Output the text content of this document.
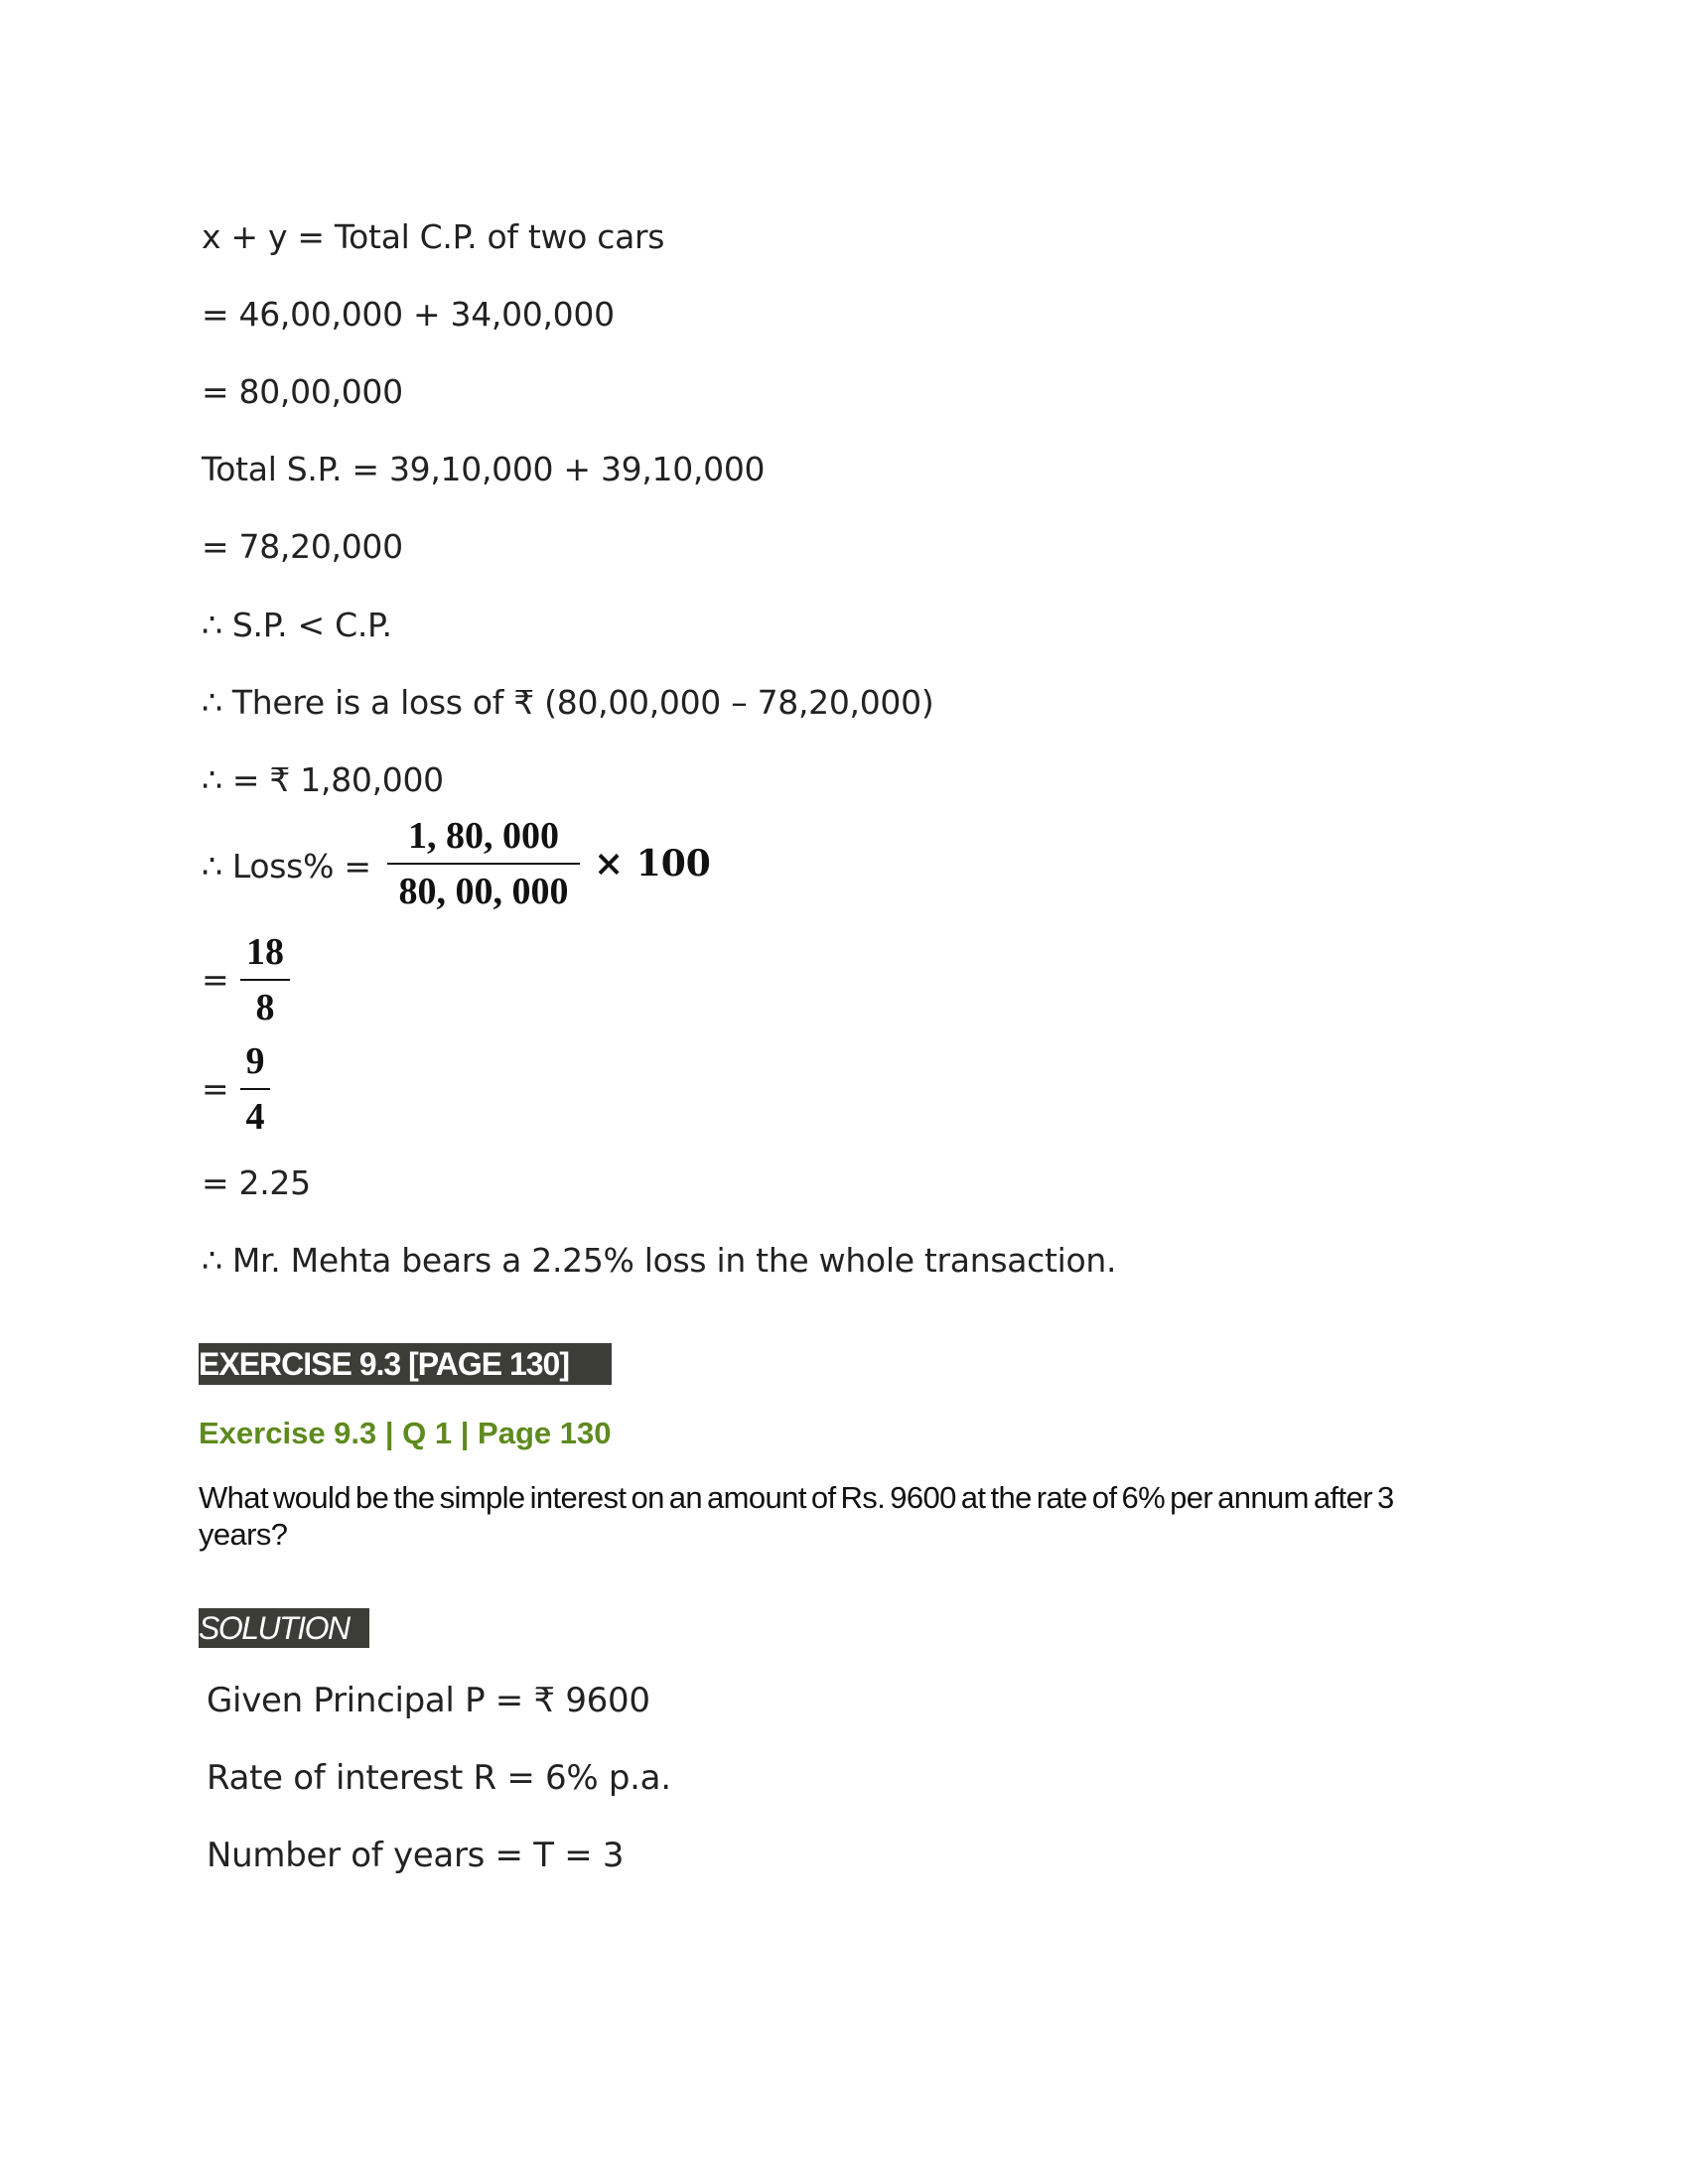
x + y = Total C.P. of two cars
= 46,00,000 + 34,00,000
= 80,00,000
Total S.P. = 39,10,000 + 39,10,000
= 78,20,000
∴ S.P. < C.P.
∴ There is a loss of ₹ (80,00,000 – 78,20,000)
∴ = ₹ 1,80,000
∴ Loss% =
1, 80, 000
80, 00, 000
× 100
=
18
8
=
9
4
= 2.25
∴ Mr. Mehta bears a 2.25% loss in the whole transaction.
EXERCISE 9.3 [PAGE 130]
Exercise 9.3 | Q 1 | Page 130
What would be the simple interest on an amount of Rs. 9600 at the rate of 6% per annum after 3 years?
SOLUTION
Given Principal P = ₹ 9600
Rate of interest R = 6% p.a.
Number of years = T = 3
